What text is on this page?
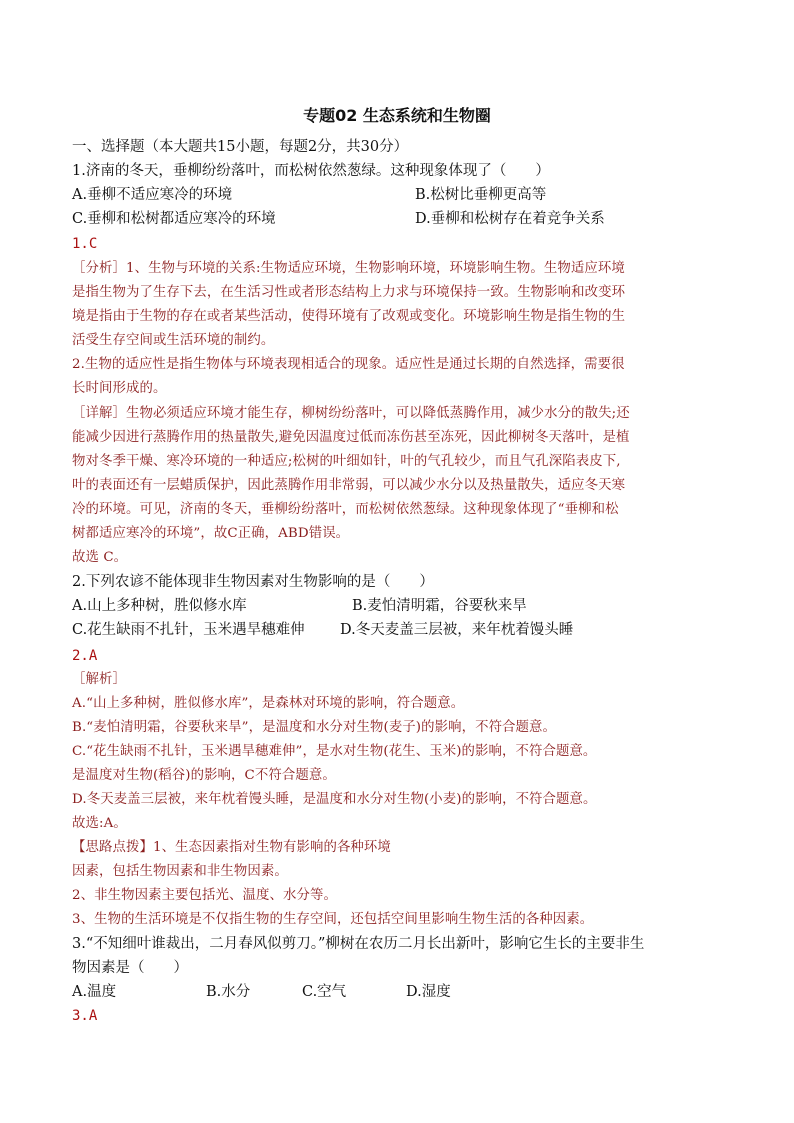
专题02 生态系统和生物圈
一、选择题（本大题共15小题，每题2分，共30分）
1.济南的冬天，垂柳纷纷落叶，而松树依然葱绿。这种现象体现了（　　）
A.垂柳不适应寒冷的环境	B.松树比垂柳更高等
C.垂柳和松树都适应寒冷的环境	D.垂柳和松树存在着竞争关系
1.C
［分析］1、生物与环境的关系:生物适应环境，生物影响环境，环境影响生物。生物适应环境
是指生物为了生存下去，在生活习性或者形态结构上力求与环境保持一致。生物影响和改变环
境是指由于生物的存在或者某些活动，使得环境有了改观或变化。环境影响生物是指生物的生
活受生存空间或生活环境的制约。
2.生物的适应性是指生物体与环境表现相适合的现象。适应性是通过长期的自然选择，需要很
长时间形成的。
［详解］生物必须适应环境才能生存，柳树纷纷落叶，可以降低蒸腾作用，减少水分的散失;还
能减少因进行蒸腾作用的热量散失,避免因温度过低而冻伤甚至冻死，因此柳树冬天落叶，是植
物对冬季干燥、寒冷环境的一种适应;松树的叶细如针，叶的气孔较少，而且气孔深陷表皮下,
叶的表面还有一层蜡质保护，因此蒸腾作用非常弱，可以减少水分以及热量散失，适应冬天寒
冷的环境。可见，济南的冬天，垂柳纷纷落叶，而松树依然葱绿。这种现象体现了“垂柳和松
树都适应寒冷的环境”，故C正确，ABD错误。
故选 C。
2.下列农谚不能体现非生物因素对生物影响的是（　　）
A.山上多种树，胜似修水库	B.麦怕清明霜，谷要秋来旱
C.花生缺雨不扎针，玉米遇旱穗难伸 D.冬天麦盖三层被，来年枕着馒头睡
2.A
［解析］
A.“山上多种树，胜似修水库”，是森林对环境的影响，符合题意。
B.“麦怕清明霜，谷要秋来旱”，是温度和水分对生物(麦子)的影响，不符合题意。
C.“花生缺雨不扎针，玉米遇旱穗难伸”，是水对生物(花生、玉米)的影响，不符合题意。
是温度对生物(稻谷)的影响，C不符合题意。
D.冬天麦盖三层被，来年枕着馒头睡，是温度和水分对生物(小麦)的影响，不符合题意。
故选:A。
【思路点拨】1、生态因素指对生物有影响的各种环境
因素，包括生物因素和非生物因素。
2、非生物因素主要包括光、温度、水分等。
3、生物的生活环境是不仅指生物的生存空间，还包括空间里影响生物生活的各种因素。
3.“不知细叶谁裁出，二月春风似剪刀。”柳树在农历二月长出新叶，影响它生长的主要非生
物因素是（　　）
A.温度	B.水分	C.空气	D.湿度
3.A
